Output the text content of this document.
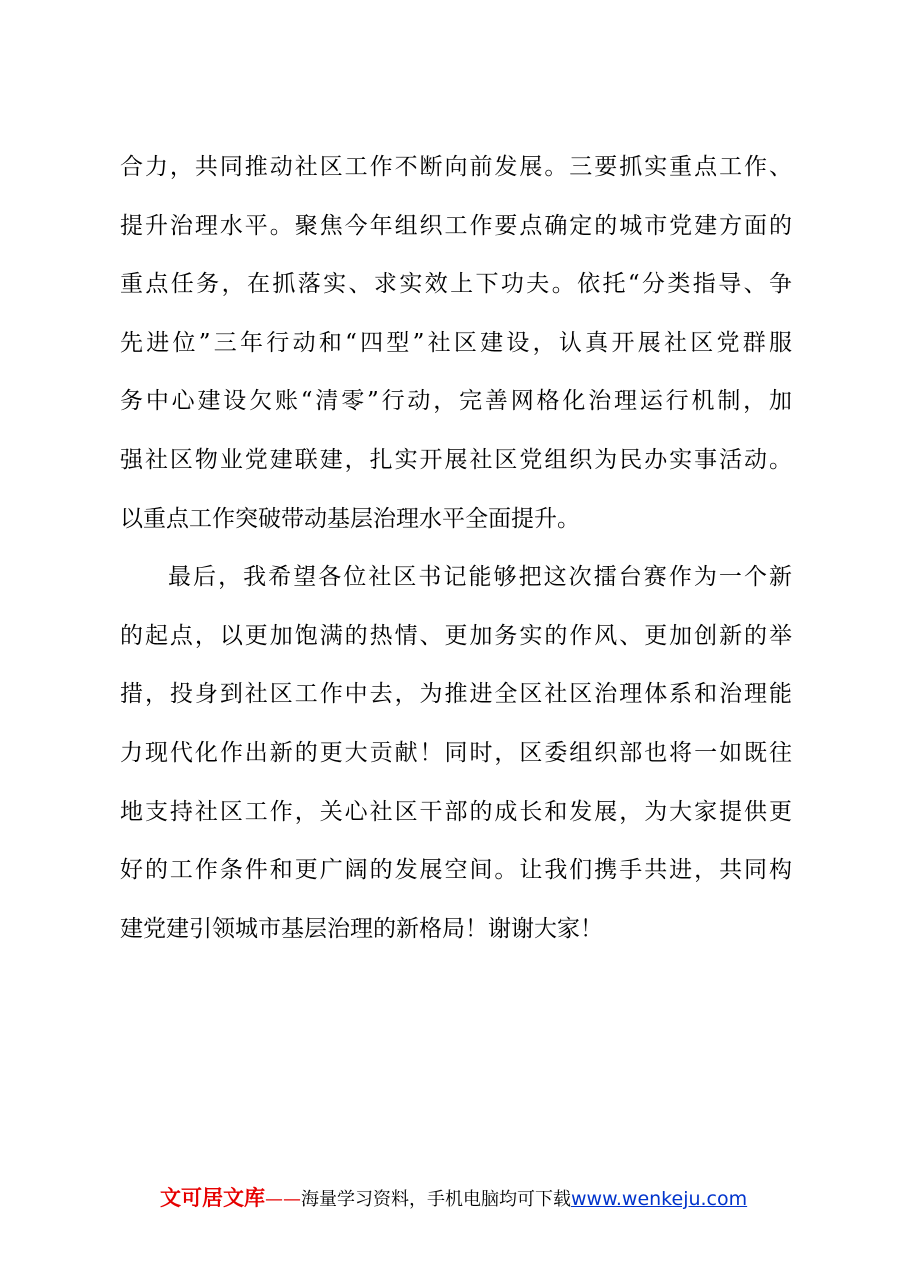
合力，共同推动社区工作不断向前发展。三要抓实重点工作、
提升治理水平。聚焦今年组织工作要点确定的城市党建方面的
重点任务，在抓落实、求实效上下功夫。依托“分类指导、争
先进位”三年行动和“四型”社区建设，认真开展社区党群服
务中心建设欠账“清零”行动，完善网格化治理运行机制，加
强社区物业党建联建，扎实开展社区党组织为民办实事活动。
以重点工作突破带动基层治理水平全面提升。
最后，我希望各位社区书记能够把这次擂台赛作为一个新
的起点，以更加饱满的热情、更加务实的作风、更加创新的举
措，投身到社区工作中去，为推进全区社区治理体系和治理能
力现代化作出新的更大贡献！同时，区委组织部也将一如既往
地支持社区工作，关心社区干部的成长和发展，为大家提供更
好的工作条件和更广阔的发展空间。让我们携手共进，共同构
建党建引领城市基层治理的新格局！谢谢大家！
文可居文库——海量学习资料，手机电脑均可下载www.wenkeju.com
